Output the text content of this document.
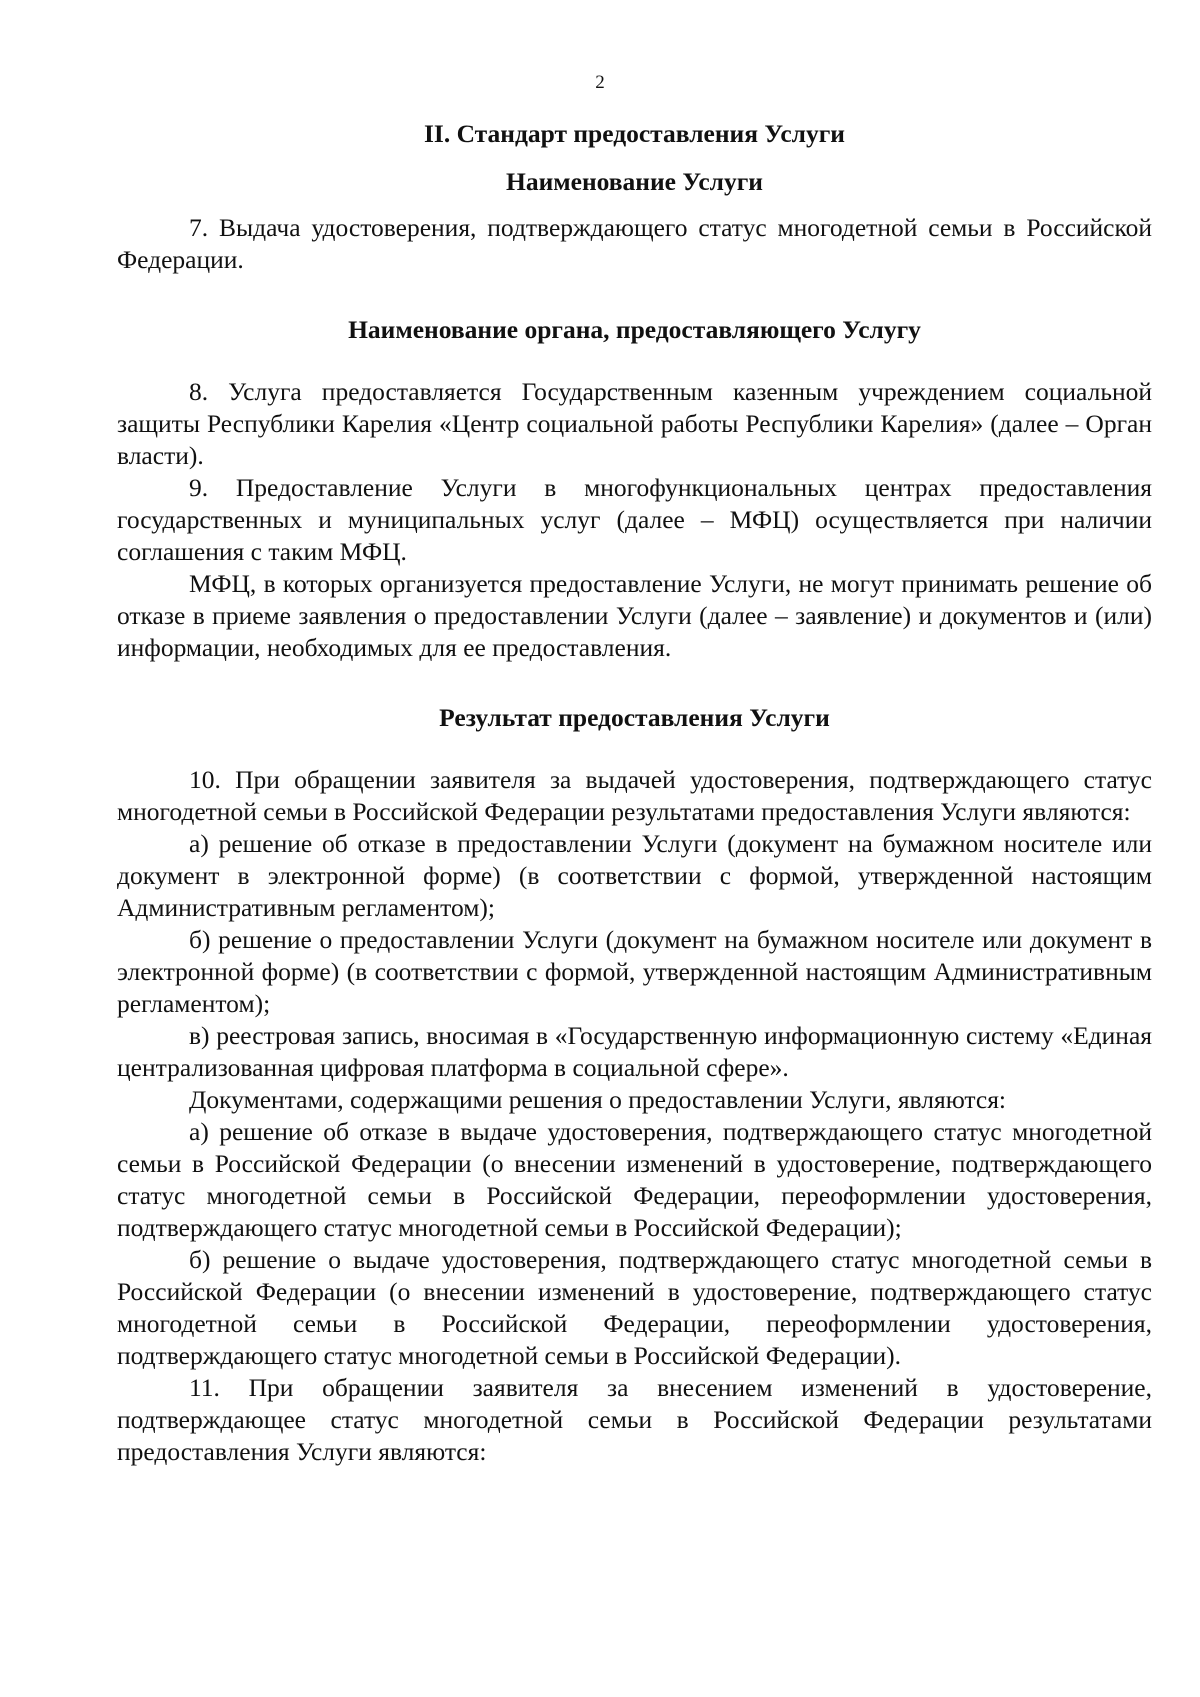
2
II. Стандарт предоставления Услуги
Наименование Услуги

7. Выдача удостоверения, подтверждающего статус многодетной семьи в Российской Федерации.

Наименование органа, предоставляющего Услугу

8. Услуга предоставляется Государственным казенным учреждением социальной защиты Республики Карелия «Центр социальной работы Республики Карелия» (далее – Орган власти).

9. Предоставление Услуги в многофункциональных центрах предоставления государственных и муниципальных услуг (далее – МФЦ) осуществляется при наличии соглашения с таким МФЦ.

МФЦ, в которых организуется предоставление Услуги, не могут принимать решение об отказе в приеме заявления о предоставлении Услуги (далее – заявление) и документов и (или) информации, необходимых для ее предоставления.

Результат предоставления Услуги

10. При обращении заявителя за выдачей удостоверения, подтверждающего статус многодетной семьи в Российской Федерации результатами предоставления Услуги являются:

а) решение об отказе в предоставлении Услуги (документ на бумажном носителе или документ в электронной форме) (в соответствии с формой, утвержденной настоящим Административным регламентом);

б) решение о предоставлении Услуги (документ на бумажном носителе или документ в электронной форме) (в соответствии с формой, утвержденной настоящим Административным регламентом);

в) реестровая запись, вносимая в «Государственную информационную систему «Единая централизованная цифровая платформа в социальной сфере».

Документами, содержащими решения о предоставлении Услуги, являются:

а) решение об отказе в выдаче удостоверения, подтверждающего статус многодетной семьи в Российской Федерации (о внесении изменений в удостоверение, подтверждающего статус многодетной семьи в Российской Федерации, переоформлении удостоверения, подтверждающего статус многодетной семьи в Российской Федерации);

б) решение о выдаче удостоверения, подтверждающего статус многодетной семьи в Российской Федерации (о внесении изменений в удостоверение, подтверждающего статус многодетной семьи в Российской Федерации, переоформлении удостоверения, подтверждающего статус многодетной семьи в Российской Федерации).

11. При обращении заявителя за внесением изменений в удостоверение, подтверждающее статус многодетной семьи в Российской Федерации результатами предоставления Услуги являются:
